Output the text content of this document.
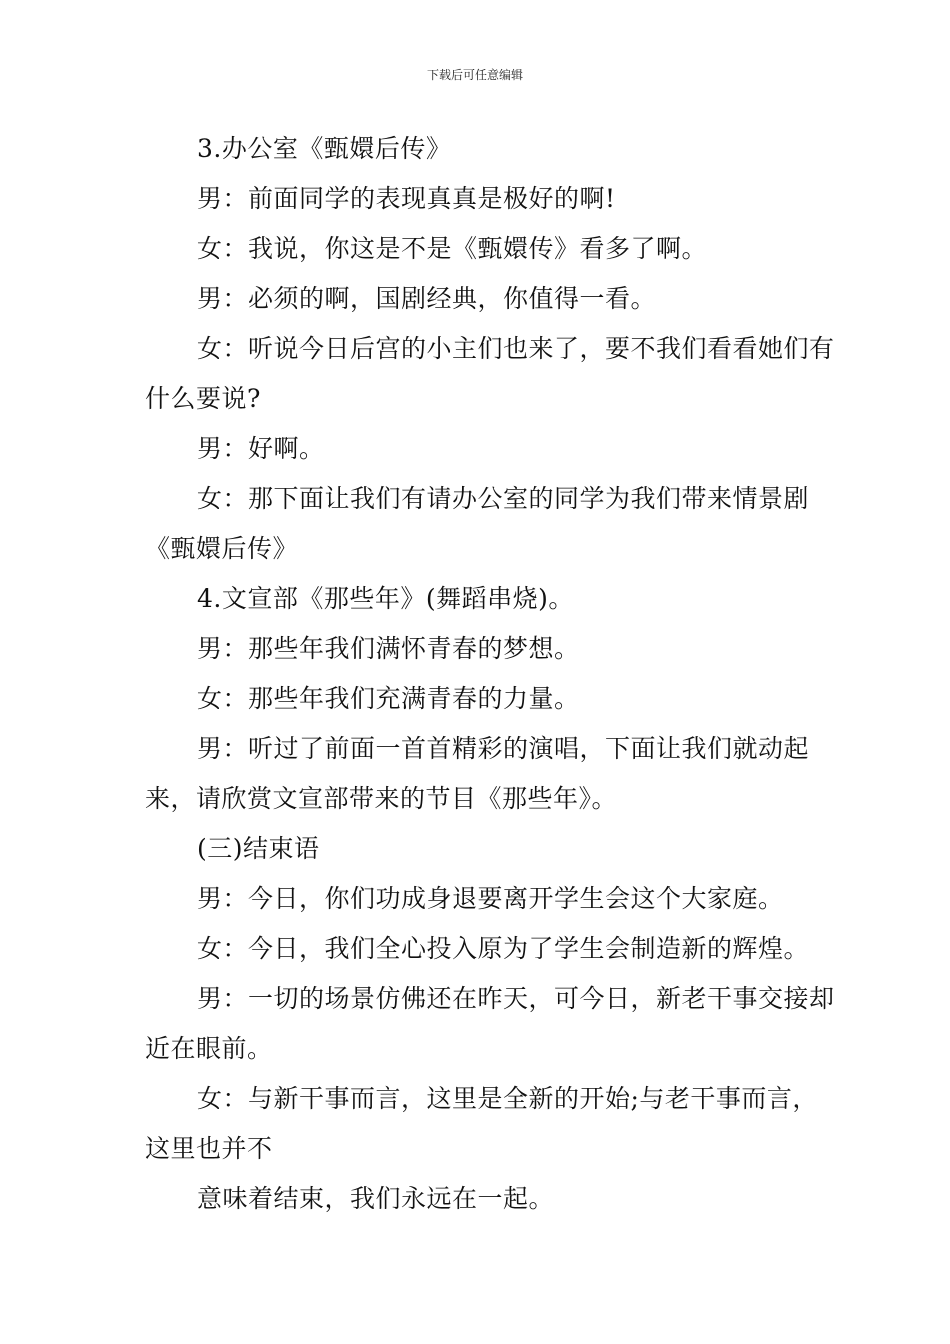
下载后可任意编辑

3.办公室《甄嬛后传》

男：前面同学的表现真真是极好的啊!

女：我说，你这是不是《甄嬛传》看多了啊。

男：必须的啊，国剧经典，你值得一看。

女：听说今日后宫的小主们也来了，要不我们看看她们有什么要说?

男：好啊。

女：那下面让我们有请办公室的同学为我们带来情景剧《甄嬛后传》

4.文宣部《那些年》(舞蹈串烧)。

男：那些年我们满怀青春的梦想。

女：那些年我们充满青春的力量。

男：听过了前面一首首精彩的演唱，下面让我们就动起来，请欣赏文宣部带来的节目《那些年》。

(三)结束语

男：今日，你们功成身退要离开学生会这个大家庭。

女：今日，我们全心投入原为了学生会制造新的辉煌。

男：一切的场景仿佛还在昨天，可今日，新老干事交接却近在眼前。

女：与新干事而言，这里是全新的开始;与老干事而言，这里也并不

意味着结束，我们永远在一起。
